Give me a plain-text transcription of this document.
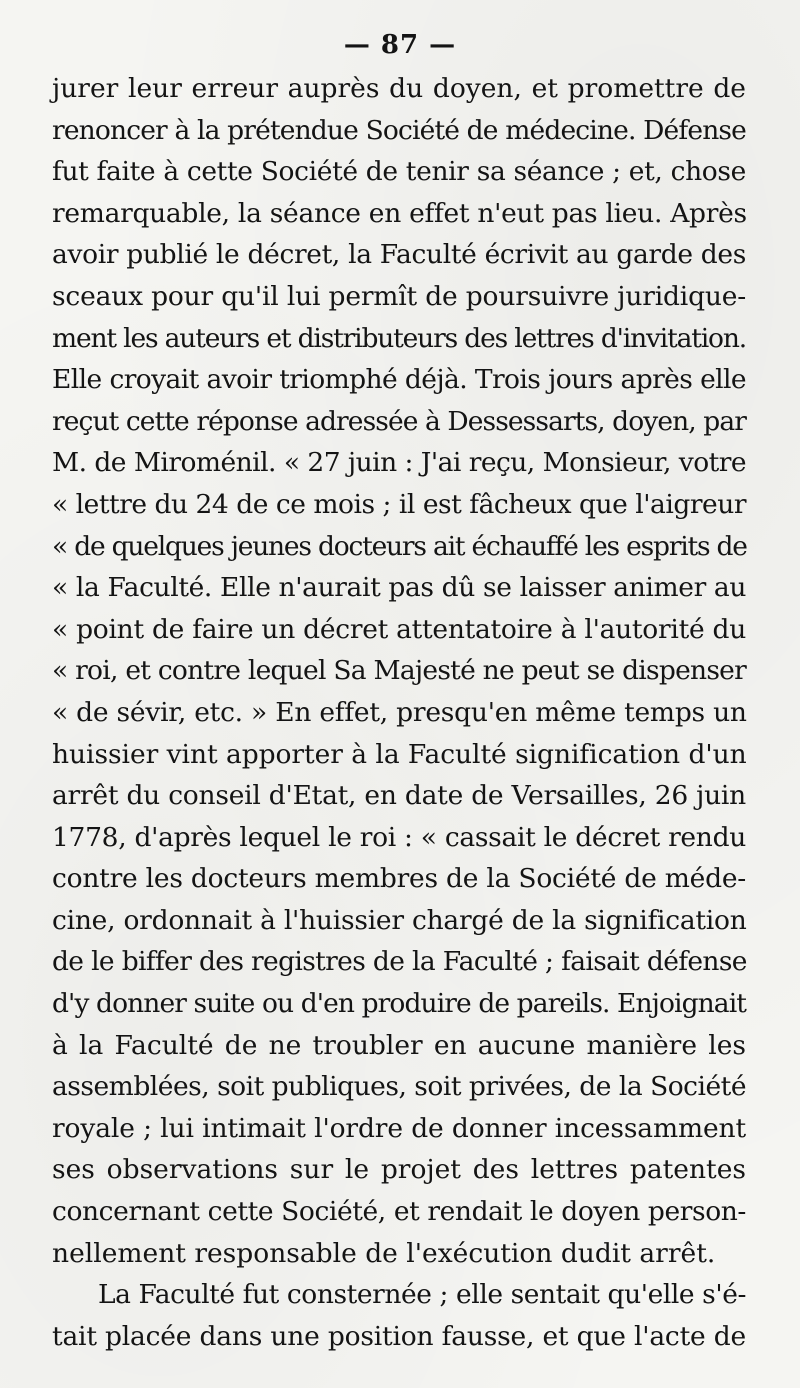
— 87 —
jurer leur erreur auprès du doyen, et promettre de
renoncer à la prétendue Société de médecine. Défense
fut faite à cette Société de tenir sa séance ; et, chose
remarquable, la séance en effet n'eut pas lieu. Après
avoir publié le décret, la Faculté écrivit au garde des
sceaux pour qu'il lui permît de poursuivre juridique-
ment les auteurs et distributeurs des lettres d'invitation.
Elle croyait avoir triomphé déjà. Trois jours après elle
reçut cette réponse adressée à Dessessarts, doyen, par
M. de Miroménil. « 27 juin : J'ai reçu, Monsieur, votre
« lettre du 24 de ce mois ; il est fâcheux que l'aigreur
« de quelques jeunes docteurs ait échauffé les esprits de
« la Faculté. Elle n'aurait pas dû se laisser animer au
« point de faire un décret attentatoire à l'autorité du
« roi, et contre lequel Sa Majesté ne peut se dispenser
« de sévir, etc. » En effet, presqu'en même temps un
huissier vint apporter à la Faculté signification d'un
arrêt du conseil d'Etat, en date de Versailles, 26 juin
1778, d'après lequel le roi : « cassait le décret rendu
contre les docteurs membres de la Société de méde-
cine, ordonnait à l'huissier chargé de la signification
de le biffer des registres de la Faculté ; faisait défense
d'y donner suite ou d'en produire de pareils. Enjoignait
à la Faculté de ne troubler en aucune manière les
assemblées, soit publiques, soit privées, de la Société
royale ; lui intimait l'ordre de donner incessamment
ses observations sur le projet des lettres patentes
concernant cette Société, et rendait le doyen person-
nellement responsable de l'exécution dudit arrêt.
La Faculté fut consternée ; elle sentait qu'elle s'é-
tait placée dans une position fausse, et que l'acte de
